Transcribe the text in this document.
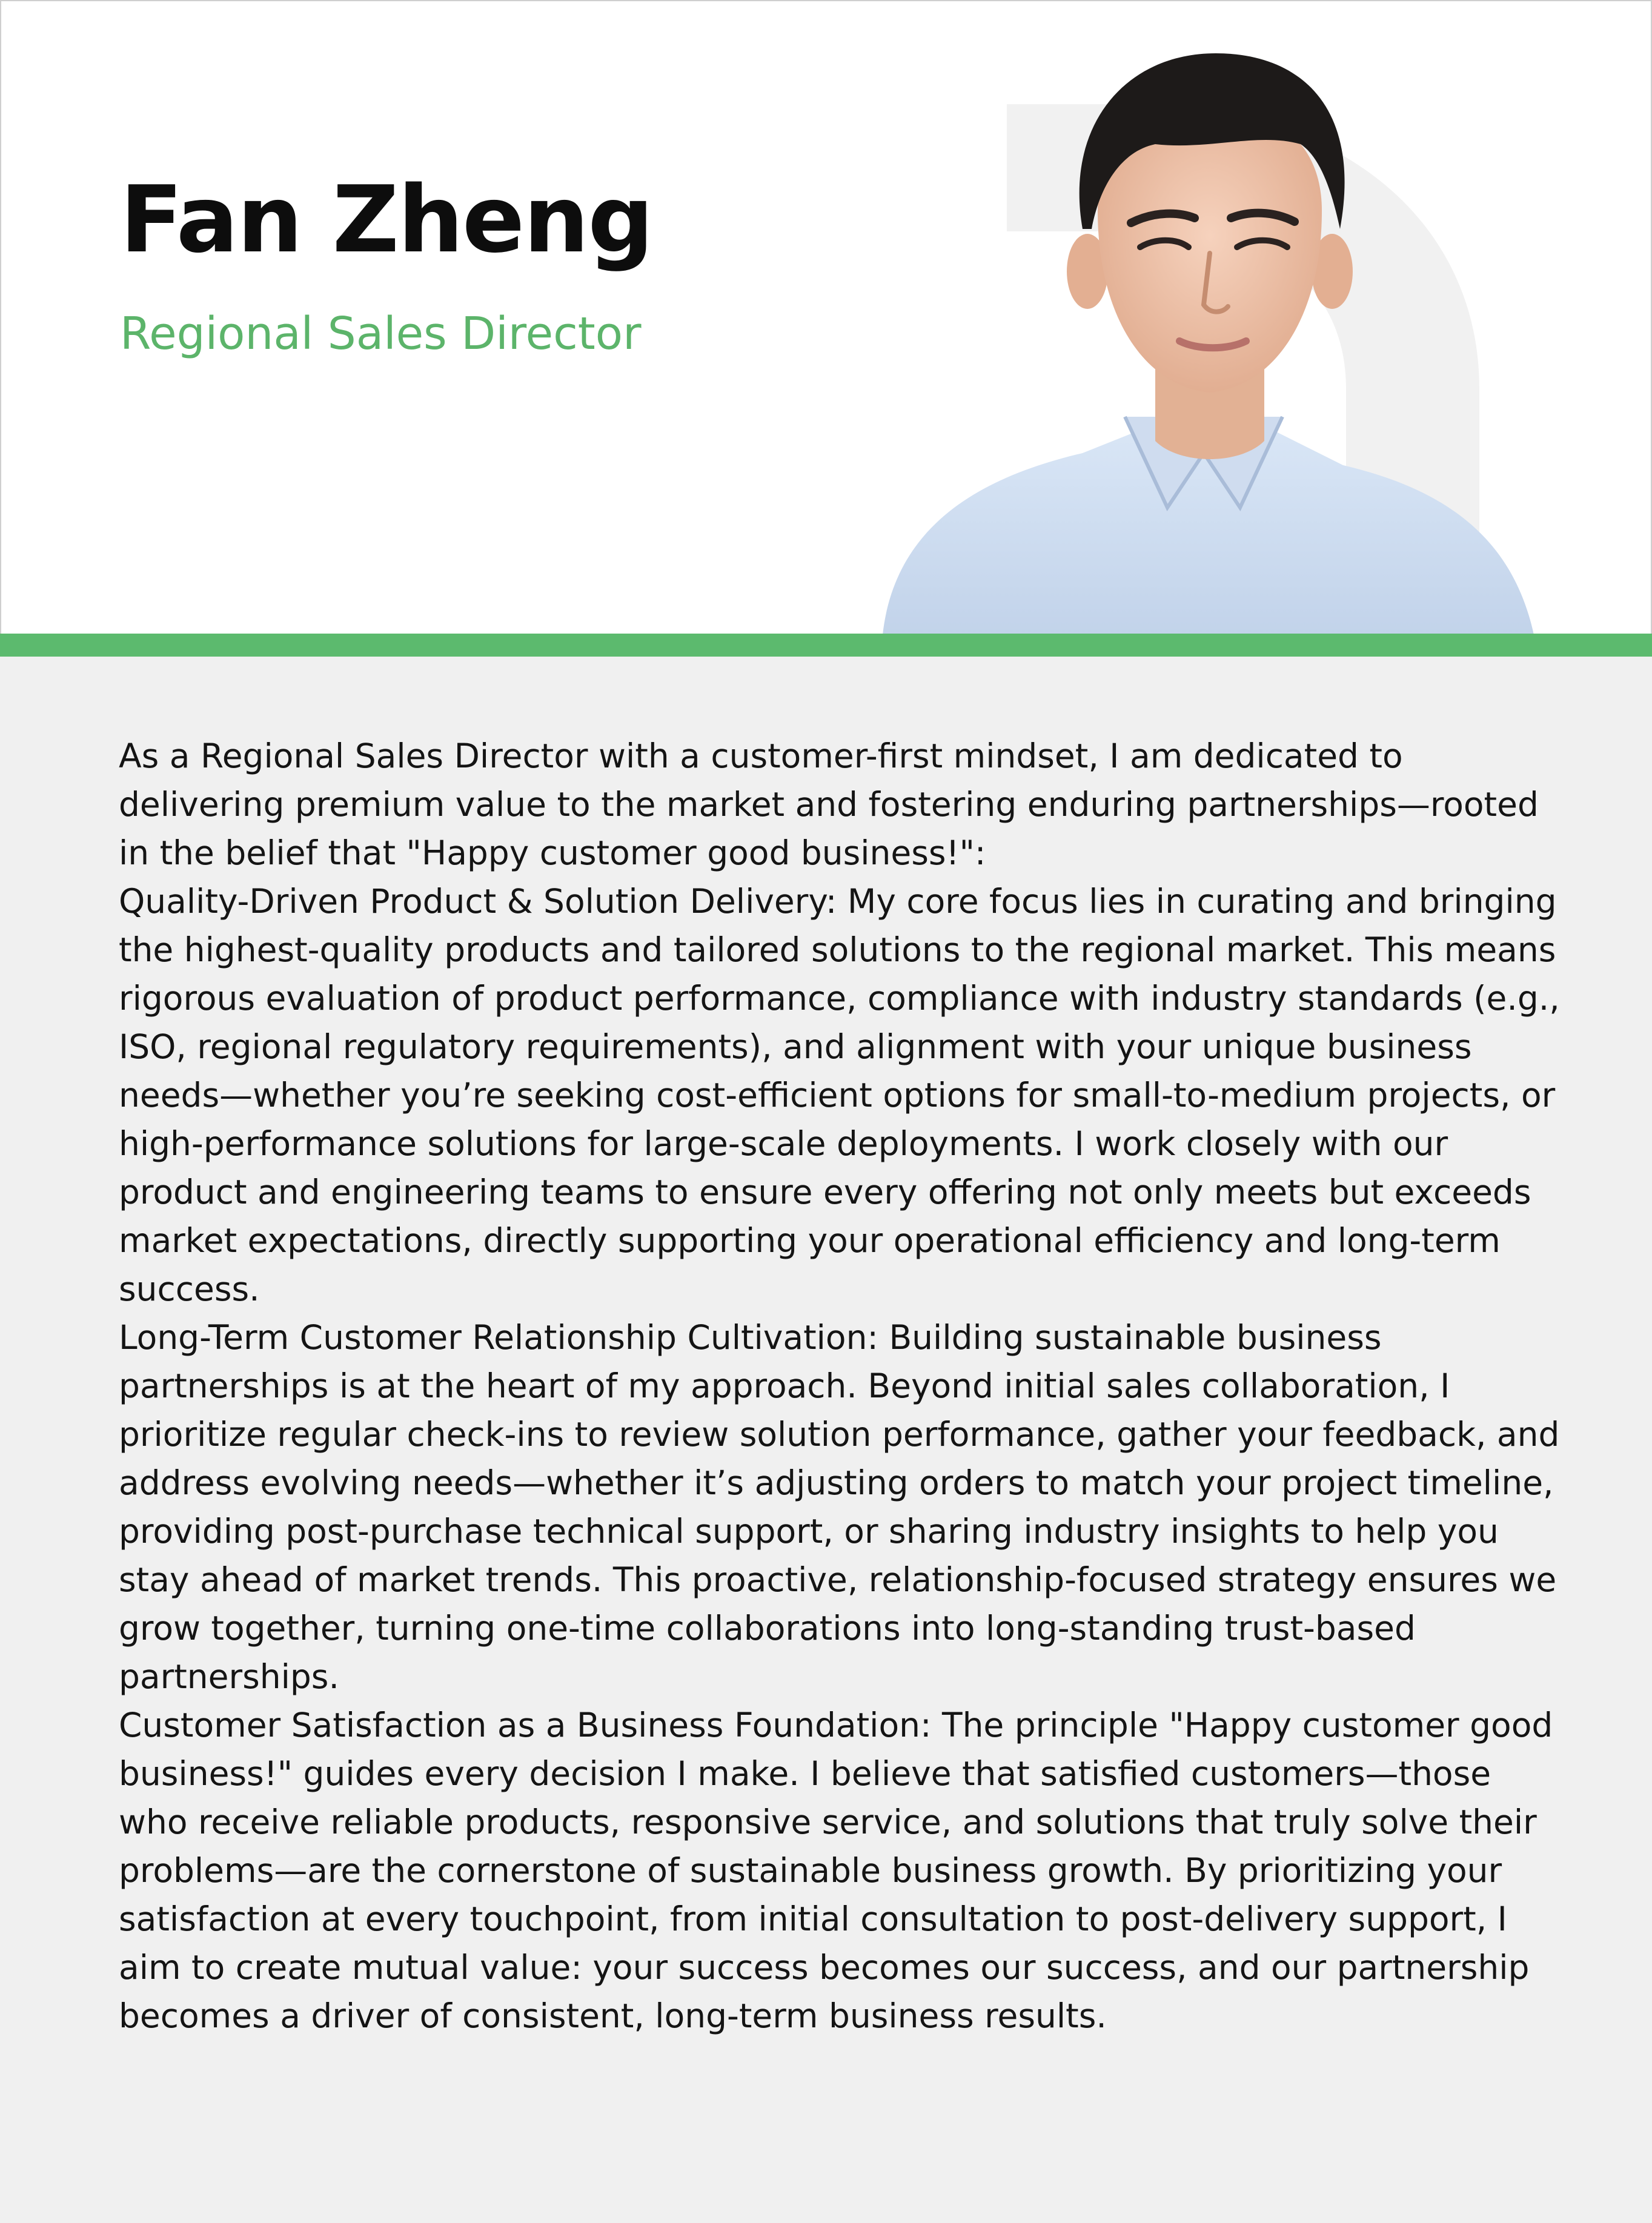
Fan Zheng
Regional Sales Director

As a Regional Sales Director with a customer-first mindset, I am dedicated to delivering premium value to the market and fostering enduring partnerships—rooted in the belief that "Happy customer good business!":

Quality-Driven Product & Solution Delivery: My core focus lies in curating and bringing the highest-quality products and tailored solutions to the regional market. This means rigorous evaluation of product performance, compliance with industry standards (e.g., ISO, regional regulatory requirements), and alignment with your unique business needs—whether you’re seeking cost-efficient options for small-to-medium projects, or high-performance solutions for large-scale deployments. I work closely with our product and engineering teams to ensure every offering not only meets but exceeds market expectations, directly supporting your operational efficiency and long-term success.

Long-Term Customer Relationship Cultivation: Building sustainable business partnerships is at the heart of my approach. Beyond initial sales collaboration, I prioritize regular check-ins to review solution performance, gather your feedback, and address evolving needs—whether it’s adjusting orders to match your project timeline, providing post-purchase technical support, or sharing industry insights to help you stay ahead of market trends. This proactive, relationship-focused strategy ensures we grow together, turning one-time collaborations into long-standing trust-based partnerships.

Customer Satisfaction as a Business Foundation: The principle "Happy customer good business!" guides every decision I make. I believe that satisfied customers—those who receive reliable products, responsive service, and solutions that truly solve their problems—are the cornerstone of sustainable business growth. By prioritizing your satisfaction at every touchpoint, from initial consultation to post-delivery support, I aim to create mutual value: your success becomes our success, and our partnership becomes a driver of consistent, long-term business results.
